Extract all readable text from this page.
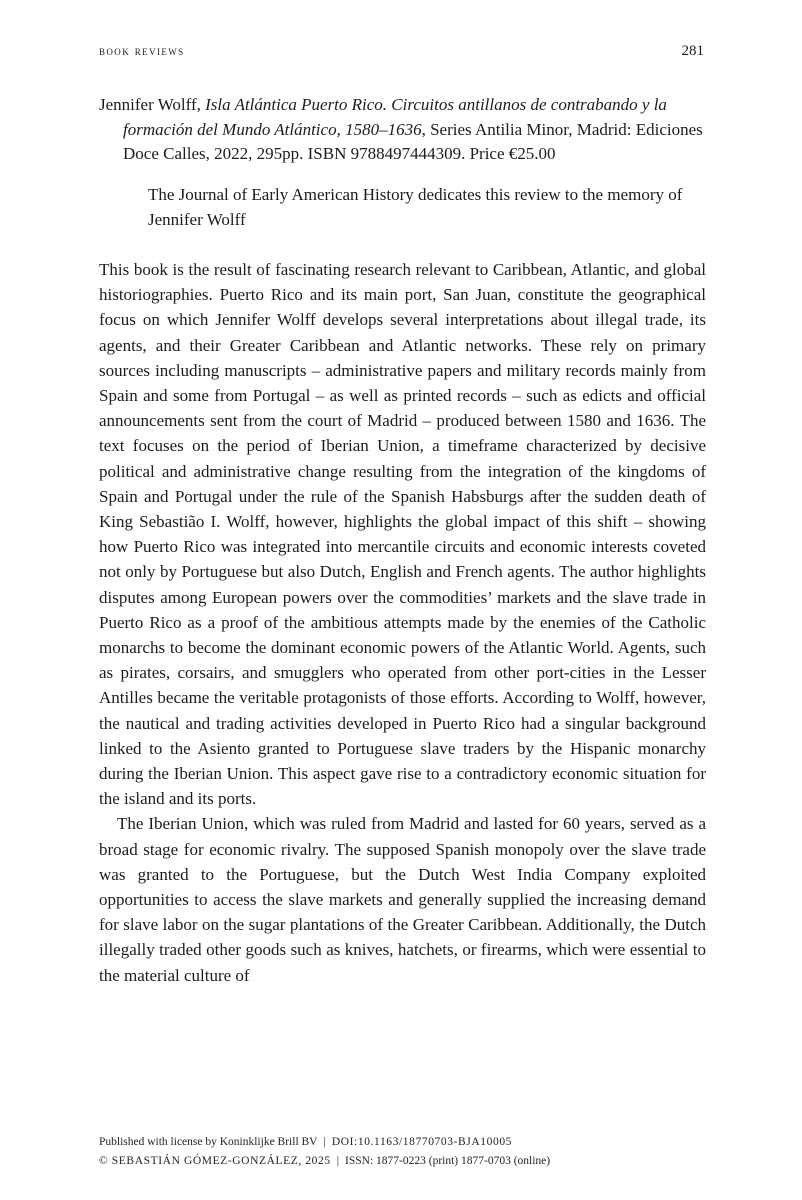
book reviews	281
Jennifer Wolff, Isla Atlántica Puerto Rico. Circuitos antillanos de contrabando y la formación del Mundo Atlántico, 1580–1636, Series Antilia Minor, Madrid: Ediciones Doce Calles, 2022, 295pp. ISBN 9788497444309. Price €25.00
The Journal of Early American History dedicates this review to the memory of Jennifer Wolff

This book is the result of fascinating research relevant to Caribbean, Atlantic, and global historiographies. Puerto Rico and its main port, San Juan, constitute the geographical focus on which Jennifer Wolff develops several interpretations about illegal trade, its agents, and their Greater Caribbean and Atlantic networks. These rely on primary sources including manuscripts – administrative papers and military records mainly from Spain and some from Portugal – as well as printed records – such as edicts and official announcements sent from the court of Madrid – produced between 1580 and 1636. The text focuses on the period of Iberian Union, a timeframe characterized by decisive political and administrative change resulting from the integration of the kingdoms of Spain and Portugal under the rule of the Spanish Habsburgs after the sudden death of King Sebastião I. Wolff, however, highlights the global impact of this shift – showing how Puerto Rico was integrated into mercantile circuits and economic interests coveted not only by Portuguese but also Dutch, English and French agents. The author highlights disputes among European powers over the commodities’ markets and the slave trade in Puerto Rico as a proof of the ambitious attempts made by the enemies of the Catholic monarchs to become the dominant economic powers of the Atlantic World. Agents, such as pirates, corsairs, and smugglers who operated from other port-cities in the Lesser Antilles became the veritable protagonists of those efforts. According to Wolff, however, the nautical and trading activities developed in Puerto Rico had a singular background linked to the Asiento granted to Portuguese slave traders by the Hispanic monarchy during the Iberian Union. This aspect gave rise to a contradictory economic situation for the island and its ports.

The Iberian Union, which was ruled from Madrid and lasted for 60 years, served as a broad stage for economic rivalry. The supposed Spanish monopoly over the slave trade was granted to the Portuguese, but the Dutch West India Company exploited opportunities to access the slave markets and generally supplied the increasing demand for slave labor on the sugar plantations of the Greater Caribbean. Additionally, the Dutch illegally traded other goods such as knives, hatchets, or firearms, which were essential to the material culture of

Published with license by Koninklijke Brill BV | DOI:10.1163/18770703-BJA10005
© SEBASTIÁN GÓMEZ-GONZÁLEZ, 2025 | ISSN: 1877-0223 (print) 1877-0703 (online)
